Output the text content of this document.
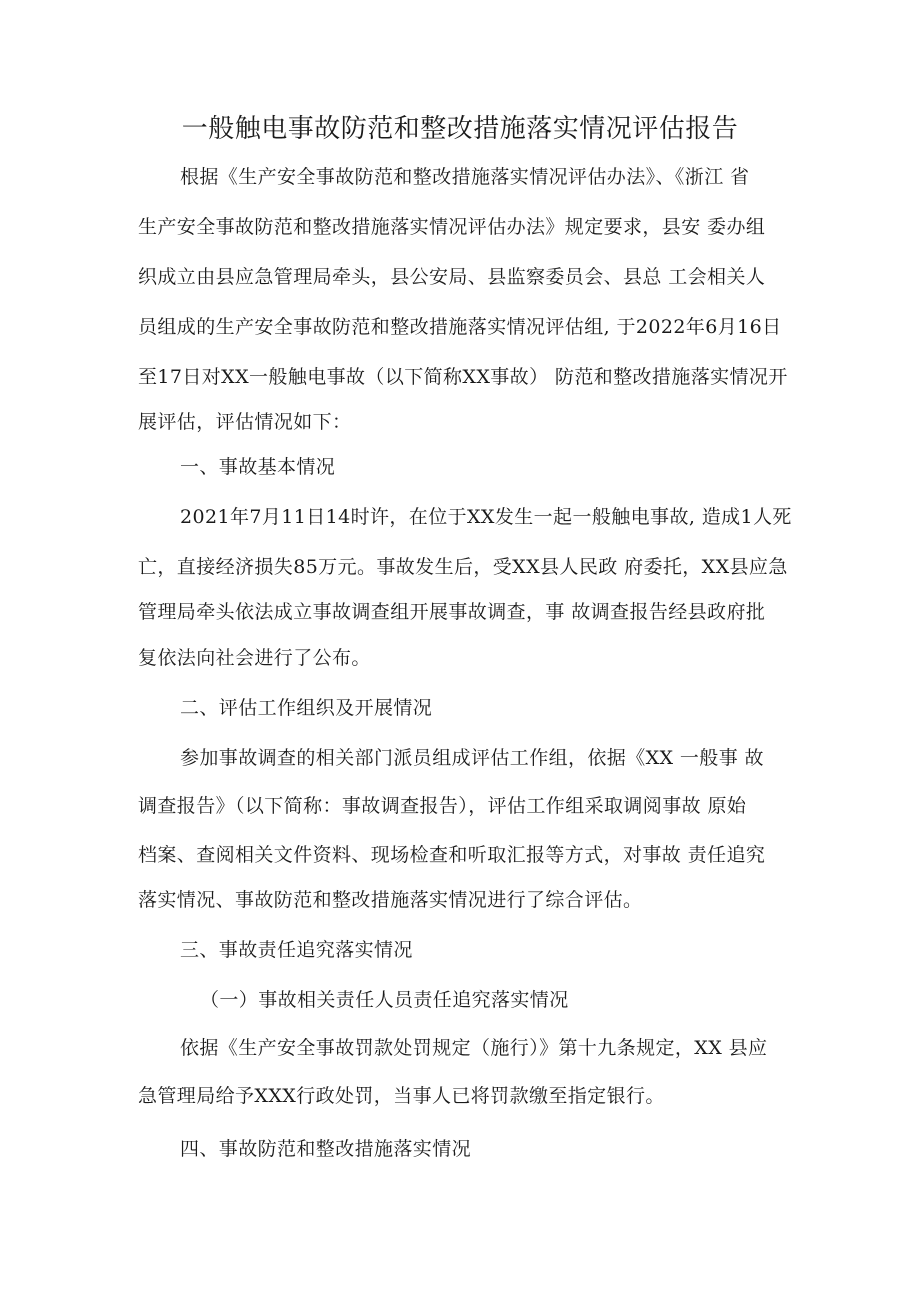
一般触电事故防范和整改措施落实情况评估报告
根据《生产安全事故防范和整改措施落实情况评估办法》、《浙江 省
生产安全事故防范和整改措施落实情况评估办法》规定要求，县安 委办组
织成立由县应急管理局牵头，县公安局、县监察委员会、县总 工会相关人
员组成的生产安全事故防范和整改措施落实情况评估组, 于2022年6月16日
至17日对XX一般触电事故（以下简称XX事故） 防范和整改措施落实情况开
展评估，评估情况如下：
一、事故基本情况
2021年7月11日14时许，在位于XX发生一起一般触电事故, 造成1人死
亡，直接经济损失85万元。事故发生后，受XX县人民政 府委托，XX县应急
管理局牵头依法成立事故调查组开展事故调查，事 故调查报告经县政府批
复依法向社会进行了公布。
二、评估工作组织及开展情况
参加事故调查的相关部门派员组成评估工作组，依据《XX 一般事 故
调查报告》（以下简称：事故调查报告），评估工作组采取调阅事故 原始
档案、查阅相关文件资料、现场检查和听取汇报等方式，对事故 责任追究
落实情况、事故防范和整改措施落实情况进行了综合评估。
三、事故责任追究落实情况
（一）事故相关责任人员责任追究落实情况
依据《生产安全事故罚款处罚规定（施行）》第十九条规定，XX 县应
急管理局给予XXX行政处罚，当事人已将罚款缴至指定银行。
四、事故防范和整改措施落实情况
